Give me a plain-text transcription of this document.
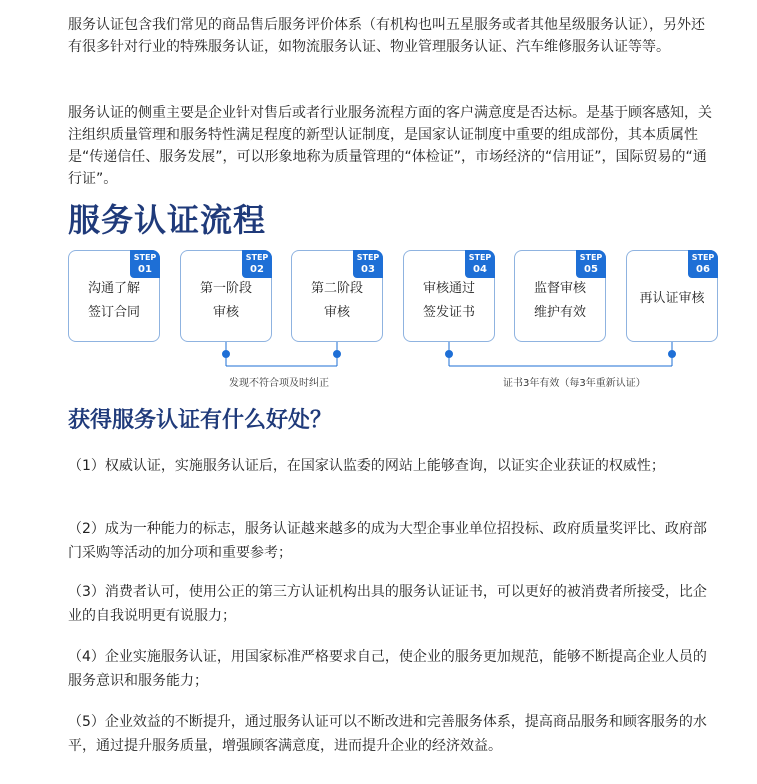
服务认证包含我们常见的商品售后服务评价体系（有机构也叫五星服务或者其他星级服务认证），另外还有很多针对行业的特殊服务认证，如物流服务认证、物业管理服务认证、汽车维修服务认证等等。

服务认证的侧重主要是企业针对售后或者行业服务流程方面的客户满意度是否达标。是基于顾客感知，关注组织质量管理和服务特性满足程度的新型认证制度，是国家认证制度中重要的组成部份，其本质属性是“传递信任、服务发展”，可以形象地称为质量管理的“体检证”，市场经济的“信用证”，国际贸易的“通行证”。

服务认证流程
STEP
01
沟通了解
签订合同
STEP
02
第一阶段
审核
STEP
03
第二阶段
审核
STEP
04
审核通过
签发证书
STEP
05
监督审核
维护有效
STEP
06
再认证审核
发现不符合项及时纠正	证书3年有效（每3年重新认证）
获得服务认证有什么好处？

（1）权威认证，实施服务认证后，在国家认监委的网站上能够查询，以证实企业获证的权威性；

（2）成为一种能力的标志，服务认证越来越多的成为大型企事业单位招投标、政府质量奖评比、政府部门采购等活动的加分项和重要参考；

（3）消费者认可，使用公正的第三方认证机构出具的服务认证证书，可以更好的被消费者所接受，比企业的自我说明更有说服力；

（4）企业实施服务认证，用国家标准严格要求自己，使企业的服务更加规范，能够不断提高企业人员的服务意识和服务能力；

（5）企业效益的不断提升，通过服务认证可以不断改进和完善服务体系，提高商品服务和顾客服务的水平，通过提升服务质量，增强顾客满意度，进而提升企业的经济效益。
